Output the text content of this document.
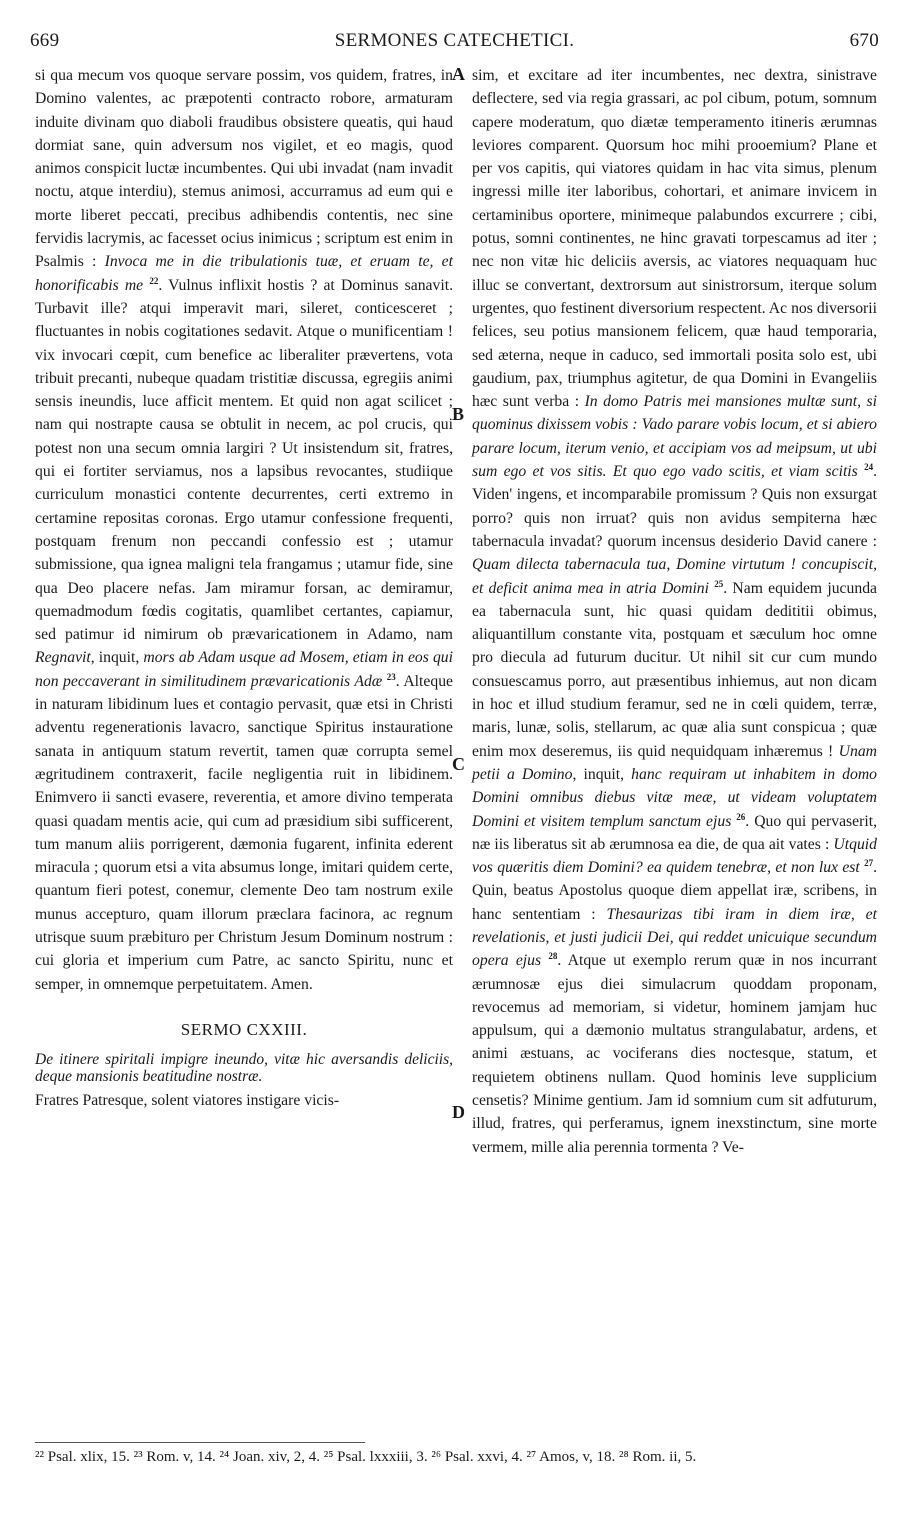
669	SERMONES CATECHETICI.	670
A
B
C
D

si qua mecum vos quoque servare possim, vos quidem, fratres, in Domino valentes, ac præpotenti contracto robore, armaturam induite divinam quo diaboli fraudibus obsistere queatis, qui haud dormiat sane, quin adversum nos vigilet, et eo magis, quod animos conspicit luctæ incumbentes. Qui ubi invadat (nam invadit noctu, atque interdiu), stemus animosi, accurramus ad eum qui e morte liberet peccati, precibus adhibendis contentis, nec sine fervidis lacrymis, ac facesset ocius inimicus ; scriptum est enim in Psalmis : Invoca me in die tribulationis tuæ, et eruam te, et honorificabis me $^{22}$. Vulnus inflixit hostis ? at Dominus sanavit. Turbavit ille? atqui imperavit mari, sileret, conticesceret ; fluctuantes in nobis cogitationes sedavit. Atque o munificentiam ! vix invocari cœpit, cum benefice ac liberaliter prævertens, vota tribuit precanti, nubeque quadam tristitiæ discussa, egregiis animi sensis ineundis, luce afficit mentem. Et quid non agat scilicet ; nam qui nostrapte causa se obtulit in necem, ac pol crucis, qui potest non una secum omnia largiri ? Ut insistendum sit, fratres, qui ei fortiter serviamus, nos a lapsibus revocantes, studiique curriculum monastici contente decurrentes, certi extremo in certamine repositas coronas. Ergo utamur confessione frequenti, postquam frenum non peccandi confessio est ; utamur submissione, qua ignea maligni tela frangamus ; utamur fide, sine qua Deo placere nefas. Jam miramur forsan, ac demiramur, quemadmodum fœdis cogitatis, quamlibet certantes, capiamur, sed patimur id nimirum ob prævaricationem in Adamo, nam Regnavit, inquit, mors ab Adam usque ad Mosem, etiam in eos qui non peccaverant in similitudinem prævaricationis Adæ $^{23}$. Alteque in naturam libidinum lues et contagio pervasit, quæ etsi in Christi adventu regenerationis lavacro, sanctique Spiritus instauratione sanata in antiquum statum revertit, tamen quæ corrupta semel ægritudinem contraxerit, facile negligentia ruit in libidinem. Enimvero ii sancti evasere, reverentia, et amore divino temperata quasi quadam mentis acie, qui cum ad præsidium sibi sufficerent, tum manum aliis porrigerent, dæmonia fugarent, infinita ederent miracula ; quorum etsi a vita absumus longe, imitari quidem certe, quantum fieri potest, conemur, clemente Deo tam nostrum exile munus accepturo, quam illorum præclara facinora, ac regnum utrisque suum præbituro per Christum Jesum Dominum nostrum : cui gloria et imperium cum Patre, ac sancto Spiritu, nunc et semper, in omnemque perpetuitatem. Amen.

SERMO CXXIII.
De itinere spiritali impigre ineundo, vitæ hic aversandis deliciis, deque mansionis beatitudine nostræ.

Fratres Patresque, solent viatores instigare vicis-

sim, et excitare ad iter incumbentes, nec dextra, sinistrave deflectere, sed via regia grassari, ac pol cibum, potum, somnum capere moderatum, quo diætæ temperamento itineris ærumnas leviores comparent. Quorsum hoc mihi prooemium? Plane et per vos capitis, qui viatores quidam in hac vita simus, plenum ingressi mille iter laboribus, cohortari, et animare invicem in certaminibus oportere, minimeque palabundos excurrere ; cibi, potus, somni continentes, ne hinc gravati torpescamus ad iter ; nec non vitæ hic deliciis aversis, ac viatores nequaquam huc illuc se convertant, dextrorsum aut sinistrorsum, iterque solum urgentes, quo festinent diversorium respectent. Ac nos diversorii felices, seu potius mansionem felicem, quæ haud temporaria, sed æterna, neque in caduco, sed immortali posita solo est, ubi gaudium, pax, triumphus agitetur, de qua Domini in Evangeliis hæc sunt verba : In domo Patris mei mansiones multæ sunt, si quominus dixissem vobis : Vado parare vobis locum, et si abiero parare locum, iterum venio, et accipiam vos ad meipsum, ut ubi sum ego et vos sitis. Et quo ego vado scitis, et viam scitis $^{24}$. Viden' ingens, et incomparabile promissum ? Quis non exsurgat porro? quis non irruat? quis non avidus sempiterna hæc tabernacula invadat? quorum incensus desiderio David canere : Quam dilecta tabernacula tua, Domine virtutum ! concupiscit, et deficit anima mea in atria Domini $^{25}$. Nam equidem jucunda ea tabernacula sunt, hic quasi quidam dedititii obimus, aliquantillum constante vita, postquam et sæculum hoc omne pro diecula ad futurum ducitur. Ut nihil sit cur cum mundo consuescamus porro, aut præsentibus inhiemus, aut non dicam in hoc et illud studium feramur, sed ne in cœli quidem, terræ, maris, lunæ, solis, stellarum, ac quæ alia sunt conspicua ; quæ enim mox deseremus, iis quid nequidquam inhæremus ! Unam petii a Domino, inquit, hanc requiram ut inhabitem in domo Domini omnibus diebus vitæ meæ, ut videam voluptatem Domini et visitem templum sanctum ejus $^{26}$. Quo qui pervaserit, næ iis liberatus sit ab ærumnosa ea die, de qua ait vates : Utquid vos quæritis diem Domini? ea quidem tenebræ, et non lux est $^{27}$. Quin, beatus Apostolus quoque diem appellat iræ, scribens, in hanc sententiam : Thesaurizas tibi iram in diem iræ, et revelationis, et justi judicii Dei, qui reddet unicuique secundum opera ejus $^{28}$. Atque ut exemplo rerum quæ in nos incurrant ærumnosæ ejus diei simulacrum quoddam proponam, revocemus ad memoriam, si videtur, hominem jamjam huc appulsum, qui a dæmonio multatus strangulabatur, ardens, et animi æstuans, ac vociferans dies noctesque, statum, et requietem obtinens nullam. Quod hominis leve supplicium censetis? Minime gentium. Jam id somnium cum sit adfuturum, illud, fratres, qui perferamus, ignem inexstinctum, sine morte vermem, mille alia perennia tormenta ? Ve-

²² Psal. xlix, 15. ²³ Rom. v, 14. ²⁴ Joan. xiv, 2, 4. ²⁵ Psal. lxxxiii, 3. ²⁶ Psal. xxvi, 4. ²⁷ Amos, v, 18. ²⁸ Rom. ii, 5.
